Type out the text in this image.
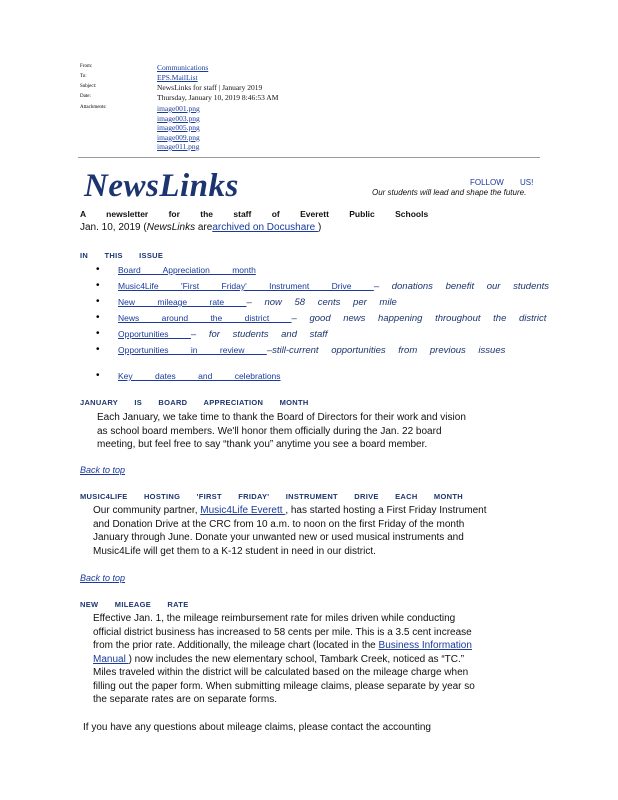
From:	Communications
To:	EPS.MailList
Subject:	NewsLinks for staff | January 2019
Date:	Thursday, January 10, 2019 8:46:53 AM
Attachments:	image001.png
image003.png
image005.png
image009.png
image011.png
NewsLinks	FOLLOW US!
Our students will lead and shape the future.
A newsletter for the staff of Everett Public Schools
Jan. 10, 2019 (NewsLinks arearchived on Docushare )
IN THIS ISSUE
• Board Appreciation month
• Music4Life 'First Friday' Instrument Drive – donations benefit our students
• New mileage rate – now 58 cents per mile
• News around the district – good news happening throughout the district
• Opportunities – for students and staff
• Opportunities in review –still-current opportunities from previous issues
• Key dates and celebrations
JANUARY IS BOARD APPRECIATION MONTH
Each January, we take time to thank the Board of Directors for their work and vision
as school board members. We'll honor them officially during the Jan. 22 board
meeting, but feel free to say “thank you” anytime you see a board member.
Back to top
MUSIC4LIFE HOSTING 'FIRST FRIDAY' INSTRUMENT DRIVE EACH MONTH
Our community partner, Music4Life Everett , has started hosting a First Friday Instrument
and Donation Drive at the CRC from 10 a.m. to noon on the first Friday of the month
January through June. Donate your unwanted new or used musical instruments and
Music4Life will get them to a K-12 student in need in our district.
Back to top
NEW MILEAGE RATE
Effective Jan. 1, the mileage reimbursement rate for miles driven while conducting
official district business has increased to 58 cents per mile. This is a 3.5 cent increase
from the prior rate. Additionally, the mileage chart (located in the Business Information
Manual ) now includes the new elementary school, Tambark Creek, noticed as “TC.”
Miles traveled within the district will be calculated based on the mileage charge when
filling out the paper form. When submitting mileage claims, please separate by year so
the separate rates are on separate forms.
If you have any questions about mileage claims, please contact the accounting
